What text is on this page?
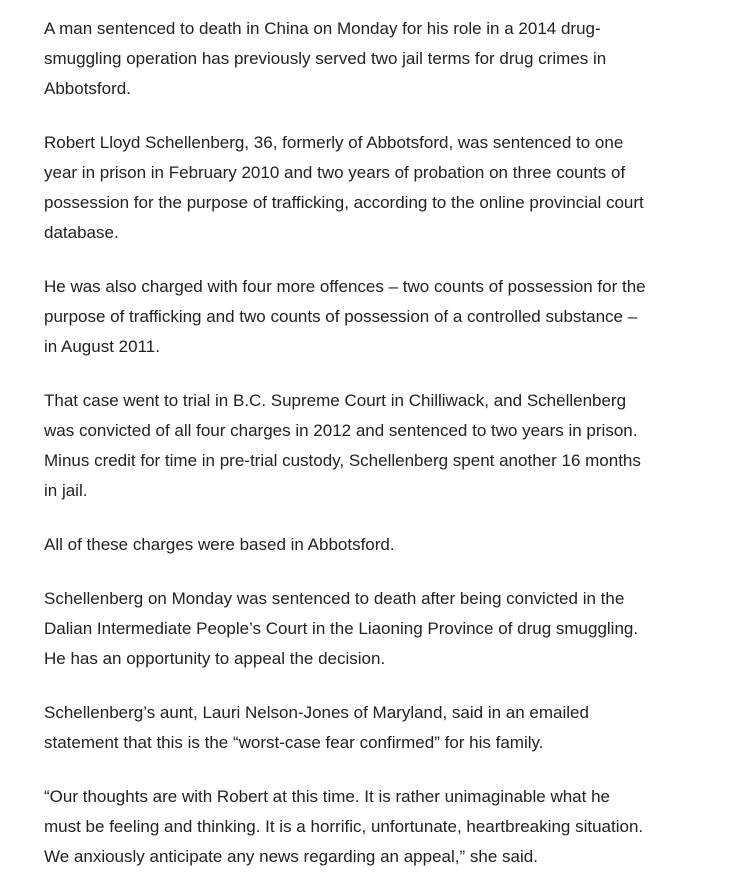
A man sentenced to death in China on Monday for his role in a 2014 drug-
smuggling operation has previously served two jail terms for drug crimes in
Abbotsford.

Robert Lloyd Schellenberg, 36, formerly of Abbotsford, was sentenced to one
year in prison in February 2010 and two years of probation on three counts of
possession for the purpose of trafficking, according to the online provincial court
database.

He was also charged with four more offences – two counts of possession for the
purpose of trafficking and two counts of possession of a controlled substance –
in August 2011.

That case went to trial in B.C. Supreme Court in Chilliwack, and Schellenberg
was convicted of all four charges in 2012 and sentenced to two years in prison.
Minus credit for time in pre-trial custody, Schellenberg spent another 16 months
in jail.

All of these charges were based in Abbotsford.

Schellenberg on Monday was sentenced to death after being convicted in the
Dalian Intermediate People’s Court in the Liaoning Province of drug smuggling.
He has an opportunity to appeal the decision.

Schellenberg’s aunt, Lauri Nelson-Jones of Maryland, said in an emailed
statement that this is the “worst-case fear confirmed” for his family.

“Our thoughts are with Robert at this time. It is rather unimaginable what he
must be feeling and thinking. It is a horrific, unfortunate, heartbreaking situation.
We anxiously anticipate any news regarding an appeal,” she said.
